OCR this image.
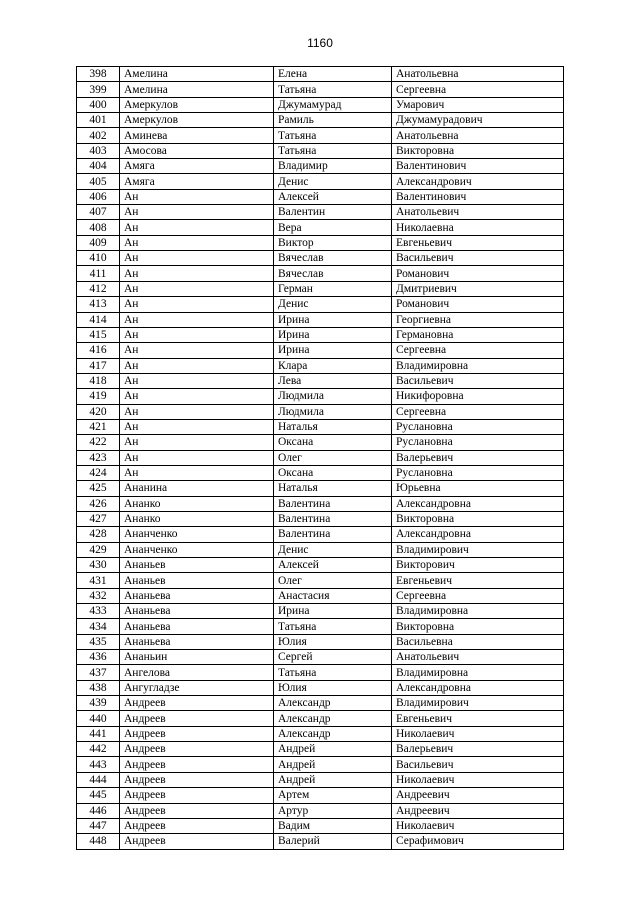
1160
398	Амелина	Елена	Анатольевна
399	Амелина	Татьяна	Сергеевна
400	Амеркулов	Джумамурад	Умарович
401	Амеркулов	Рамиль	Джумамурадович
402	Аминева	Татьяна	Анатольевна
403	Амосова	Татьяна	Викторовна
404	Амяга	Владимир	Валентинович
405	Амяга	Денис	Александрович
406	Ан	Алексей	Валентинович
407	Ан	Валентин	Анатольевич
408	Ан	Вера	Николаевна
409	Ан	Виктор	Евгеньевич
410	Ан	Вячеслав	Васильевич
411	Ан	Вячеслав	Романович
412	Ан	Герман	Дмитриевич
413	Ан	Денис	Романович
414	Ан	Ирина	Георгиевна
415	Ан	Ирина	Германовна
416	Ан	Ирина	Сергеевна
417	Ан	Клара	Владимировна
418	Ан	Лева	Васильевич
419	Ан	Людмила	Никифоровна
420	Ан	Людмила	Сергеевна
421	Ан	Наталья	Руслановна
422	Ан	Оксана	Руслановна
423	Ан	Олег	Валерьевич
424	Ан	Оксана	Руслановна
425	Ананина	Наталья	Юрьевна
426	Ананко	Валентина	Александровна
427	Ананко	Валентина	Викторовна
428	Ананченко	Валентина	Александровна
429	Ананченко	Денис	Владимирович
430	Ананьев	Алексей	Викторович
431	Ананьев	Олег	Евгеньевич
432	Ананьева	Анастасия	Сергеевна
433	Ананьева	Ирина	Владимировна
434	Ананьева	Татьяна	Викторовна
435	Ананьева	Юлия	Васильевна
436	Ананьин	Сергей	Анатольевич
437	Ангелова	Татьяна	Владимировна
438	Ангугладзе	Юлия	Александровна
439	Андреев	Александр	Владимирович
440	Андреев	Александр	Евгеньевич
441	Андреев	Александр	Николаевич
442	Андреев	Андрей	Валерьевич
443	Андреев	Андрей	Васильевич
444	Андреев	Андрей	Николаевич
445	Андреев	Артем	Андреевич
446	Андреев	Артур	Андреевич
447	Андреев	Вадим	Николаевич
448	Андреев	Валерий	Серафимович
